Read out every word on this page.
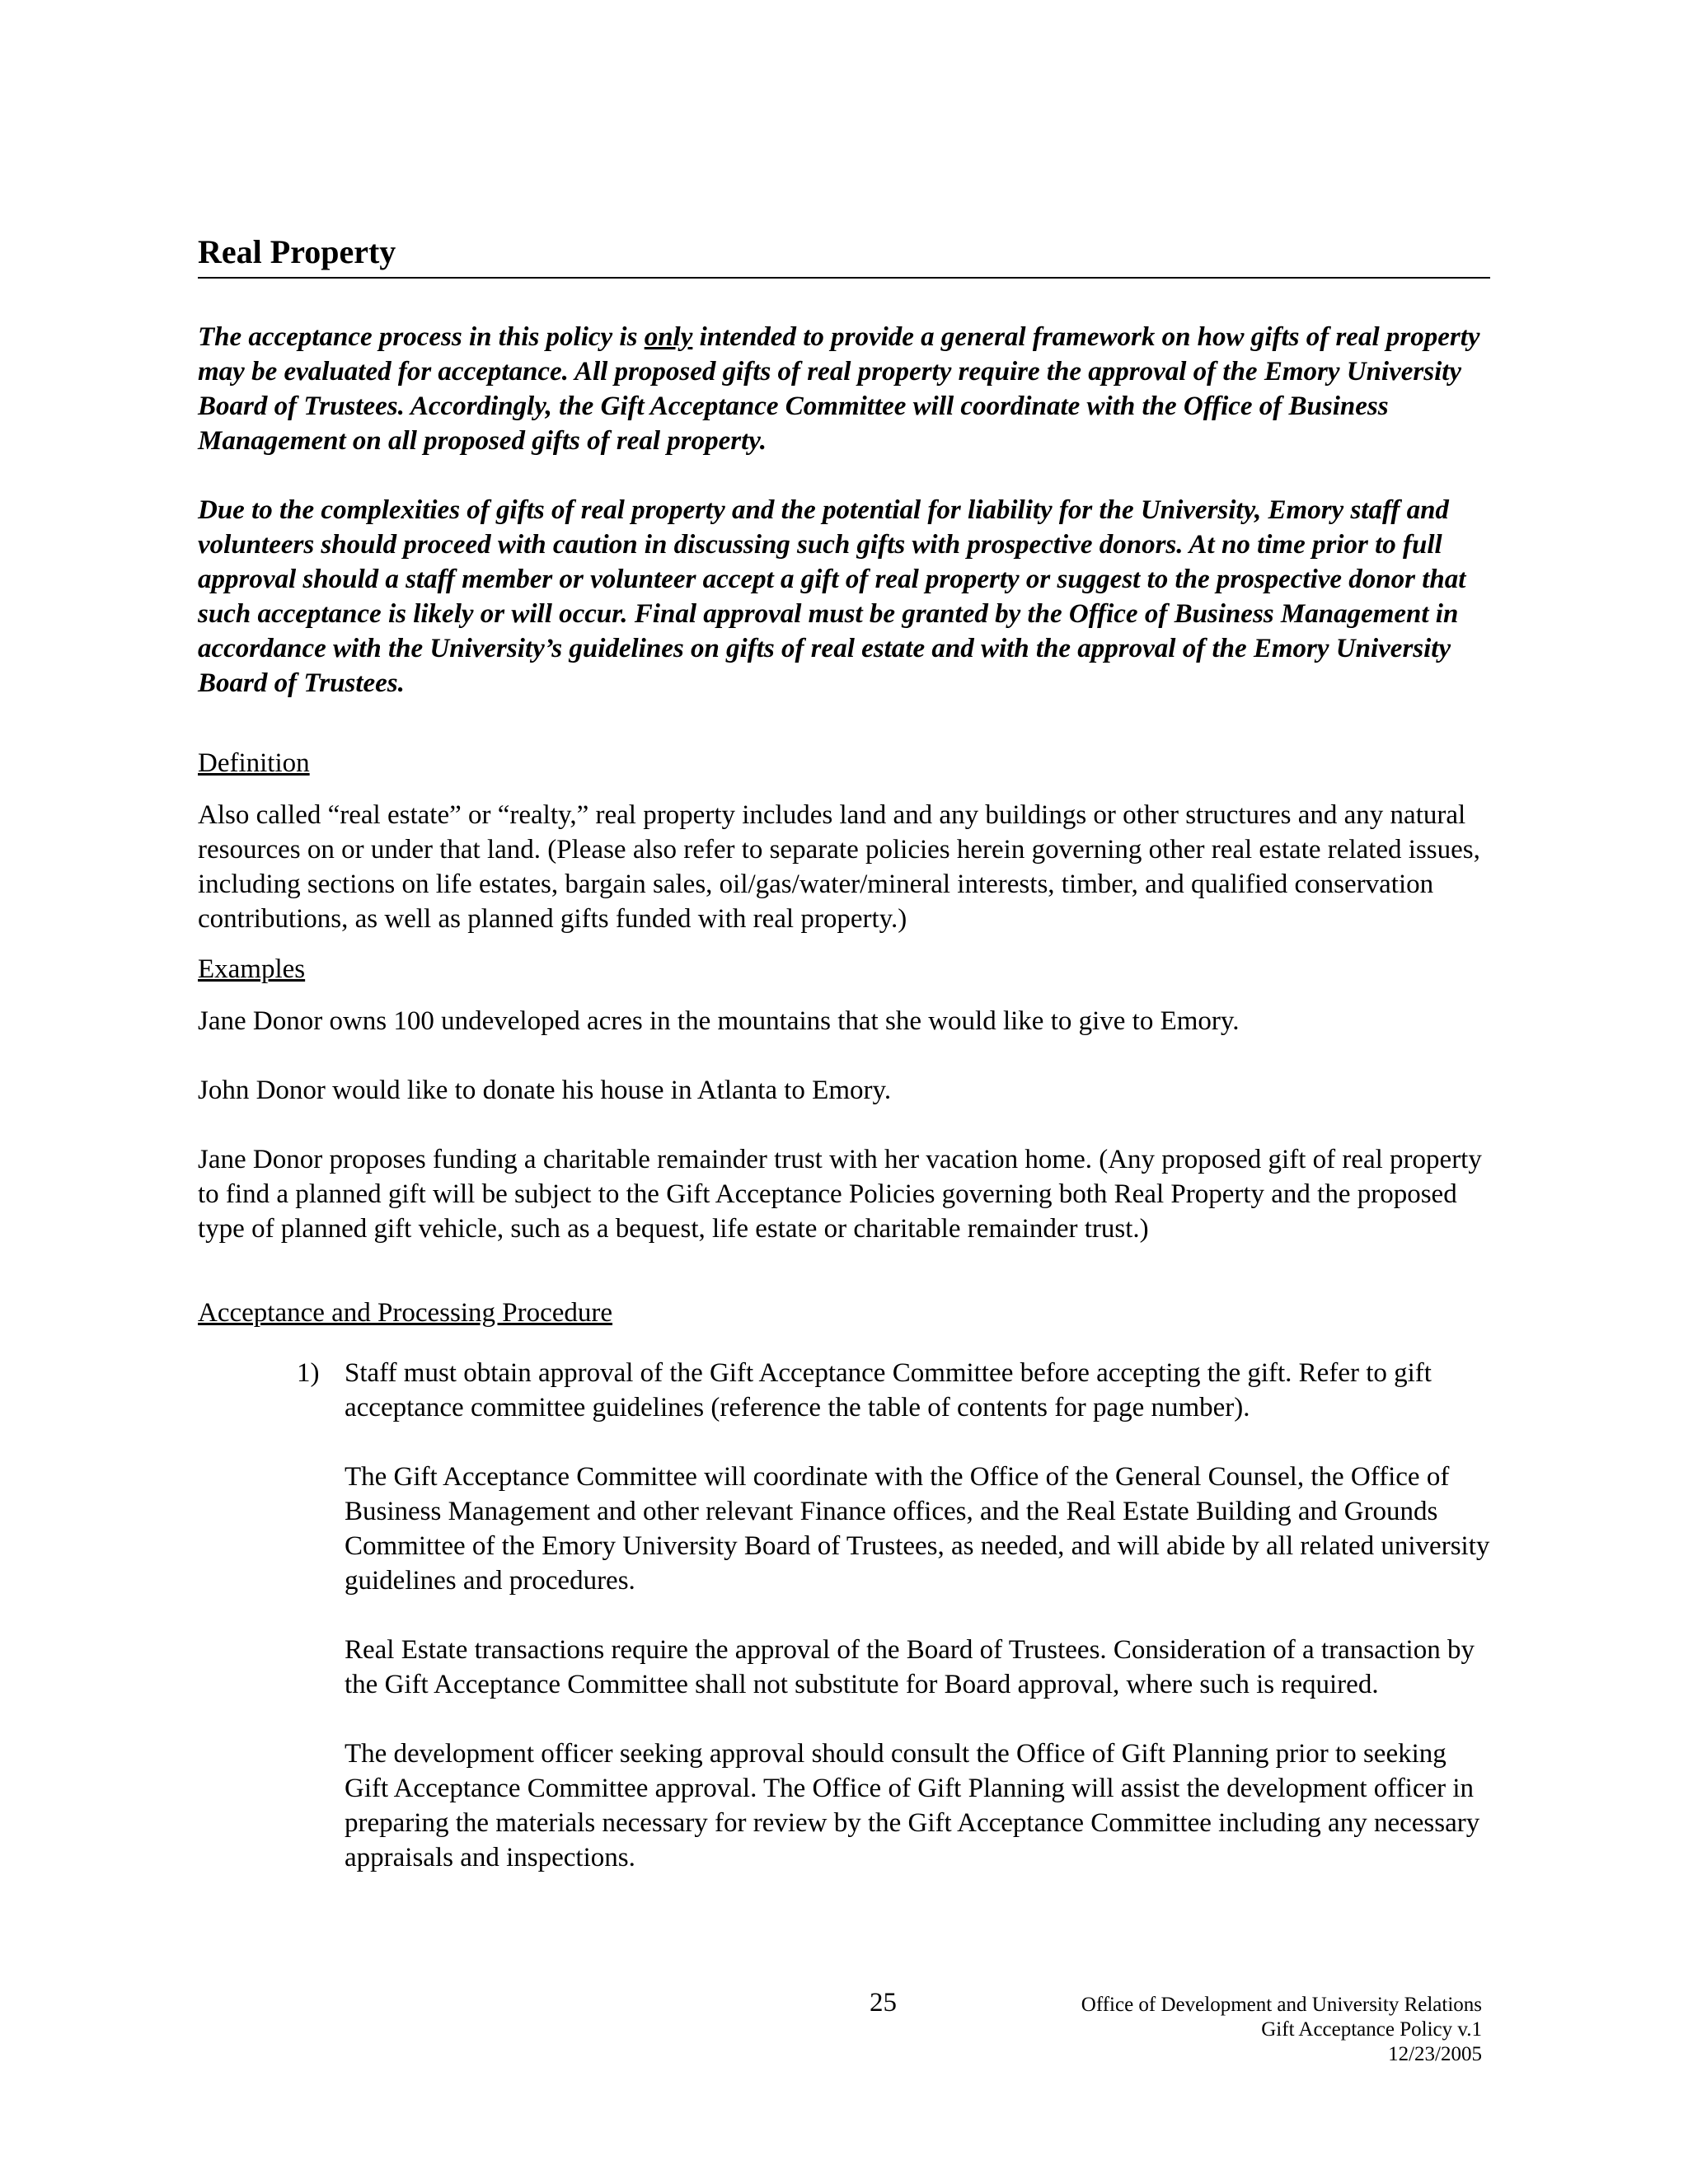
Real Property

The acceptance process in this policy is only intended to provide a general framework on how gifts of real property may be evaluated for acceptance. All proposed gifts of real property require the approval of the Emory University Board of Trustees. Accordingly, the Gift Acceptance Committee will coordinate with the Office of Business Management on all proposed gifts of real property.

Due to the complexities of gifts of real property and the potential for liability for the University, Emory staff and volunteers should proceed with caution in discussing such gifts with prospective donors. At no time prior to full approval should a staff member or volunteer accept a gift of real property or suggest to the prospective donor that such acceptance is likely or will occur. Final approval must be granted by the Office of Business Management in accordance with the University’s guidelines on gifts of real estate and with the approval of the Emory University Board of Trustees.

Definition

Also called “real estate” or “realty,” real property includes land and any buildings or other structures and any natural resources on or under that land. (Please also refer to separate policies herein governing other real estate related issues, including sections on life estates, bargain sales, oil/gas/water/mineral interests, timber, and qualified conservation contributions, as well as planned gifts funded with real property.)

Examples

Jane Donor owns 100 undeveloped acres in the mountains that she would like to give to Emory.

John Donor would like to donate his house in Atlanta to Emory.

Jane Donor proposes funding a charitable remainder trust with her vacation home. (Any proposed gift of real property to find a planned gift will be subject to the Gift Acceptance Policies governing both Real Property and the proposed type of planned gift vehicle, such as a bequest, life estate or charitable remainder trust.)

Acceptance and Processing Procedure
1) Staff must obtain approval of the Gift Acceptance Committee before accepting the gift. Refer to gift acceptance committee guidelines (reference the table of contents for page number).

The Gift Acceptance Committee will coordinate with the Office of the General Counsel, the Office of Business Management and other relevant Finance offices, and the Real Estate Building and Grounds Committee of the Emory University Board of Trustees, as needed, and will abide by all related university guidelines and procedures.

Real Estate transactions require the approval of the Board of Trustees. Consideration of a transaction by the Gift Acceptance Committee shall not substitute for Board approval, where such is required.

The development officer seeking approval should consult the Office of Gift Planning prior to seeking Gift Acceptance Committee approval. The Office of Gift Planning will assist the development officer in preparing the materials necessary for review by the Gift Acceptance Committee including any necessary appraisals and inspections.

25	Office of Development and University Relations
Gift Acceptance Policy v.1
12/23/2005
